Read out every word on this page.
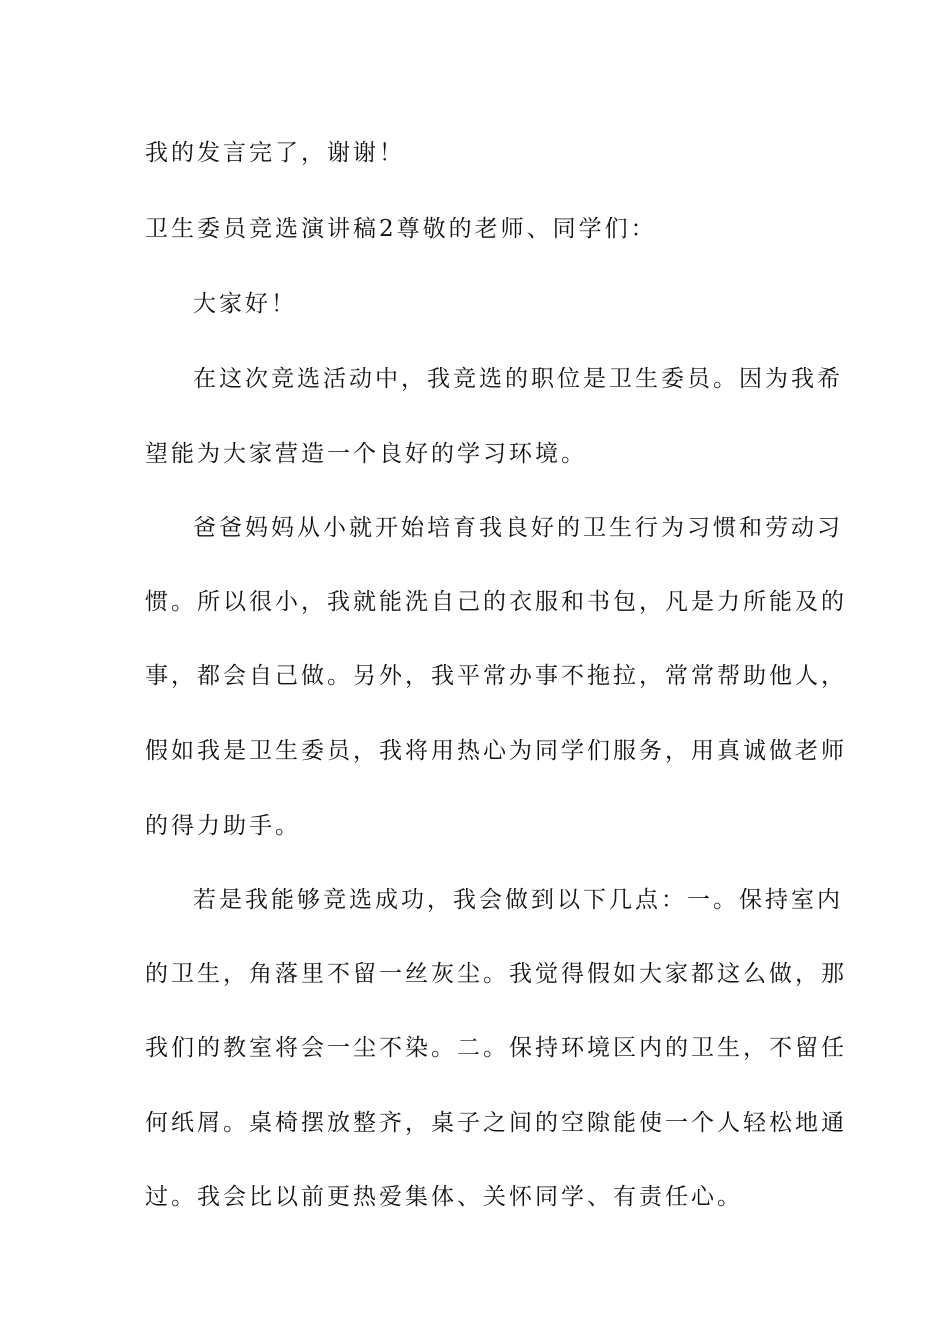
我的发言完了，谢谢！

卫生委员竞选演讲稿2尊敬的老师、同学们：

大家好！

在这次竞选活动中，我竞选的职位是卫生委员。因为我希

望能为大家营造一个良好的学习环境。

爸爸妈妈从小就开始培育我良好的卫生行为习惯和劳动习

惯。所以很小，我就能洗自己的衣服和书包，凡是力所能及的

事，都会自己做。另外，我平常办事不拖拉，常常帮助他人，

假如我是卫生委员，我将用热心为同学们服务，用真诚做老师

的得力助手。

若是我能够竞选成功，我会做到以下几点：一。保持室内

的卫生，角落里不留一丝灰尘。我觉得假如大家都这么做，那

我们的教室将会一尘不染。二。保持环境区内的卫生，不留任

何纸屑。桌椅摆放整齐，桌子之间的空隙能使一个人轻松地通

过。我会比以前更热爱集体、关怀同学、有责任心。
